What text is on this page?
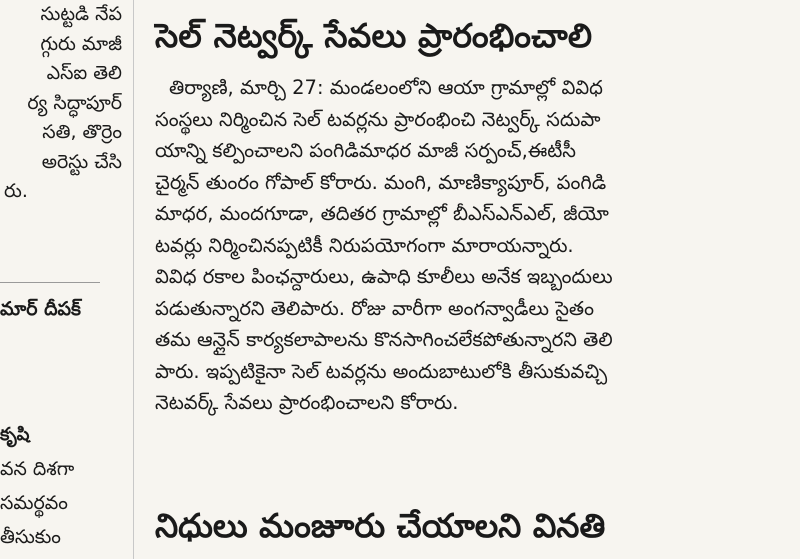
సుట్టడి నేప

గ్గురు మాజీ

ఎస్ఐ తెలి

ర్య సిద్ధాపూర్

సతి, తొర్రెం

అరెస్టు చేసి

రు.

మార్ దీపక్
కృషి

వన దిశగా

సమర్థవం

తీసుకుం

సెల్ నెట్వర్క్ సేవలు ప్రారంభించాలి

తిర్యాణి, మార్చి 27: మండలంలోని ఆయా గ్రామాల్లో వివిధ

సంస్థలు నిర్మించిన సెల్ టవర్లను ప్రారంభించి నెట్వర్క్ సదుపా

యాన్ని కల్పించాలని పంగిడిమాధర మాజీ సర్పంచ్,ఈటీసీ

చైర్మన్ తుంరం గోపాల్ కోరారు. మంగి, మాణిక్యాపూర్, పంగిడి

మాధర, మందగూడా, తదితర గ్రామాల్లో బీఎస్ఎన్ఎల్, జీయో

టవర్లు నిర్మించినప్పటికీ నిరుపయోగంగా మారాయన్నారు.

వివిధ రకాల పింఛన్దారులు, ఉపాధి కూలీలు అనేక ఇబ్బందులు

పడుతున్నారని తెలిపారు. రోజు వారీగా అంగన్వాడీలు సైతం

తమ ఆన్లైన్ కార్యకలాపాలను కొనసాగించలేకపోతున్నారని తెలి

పారు. ఇప్పటికైనా సెల్ టవర్లను అందుబాటులోకి తీసుకువచ్చి

నెటవర్క్ సేవలు ప్రారంభించాలని కోరారు.

నిధులు మంజూరు చేయాలని వినతి
